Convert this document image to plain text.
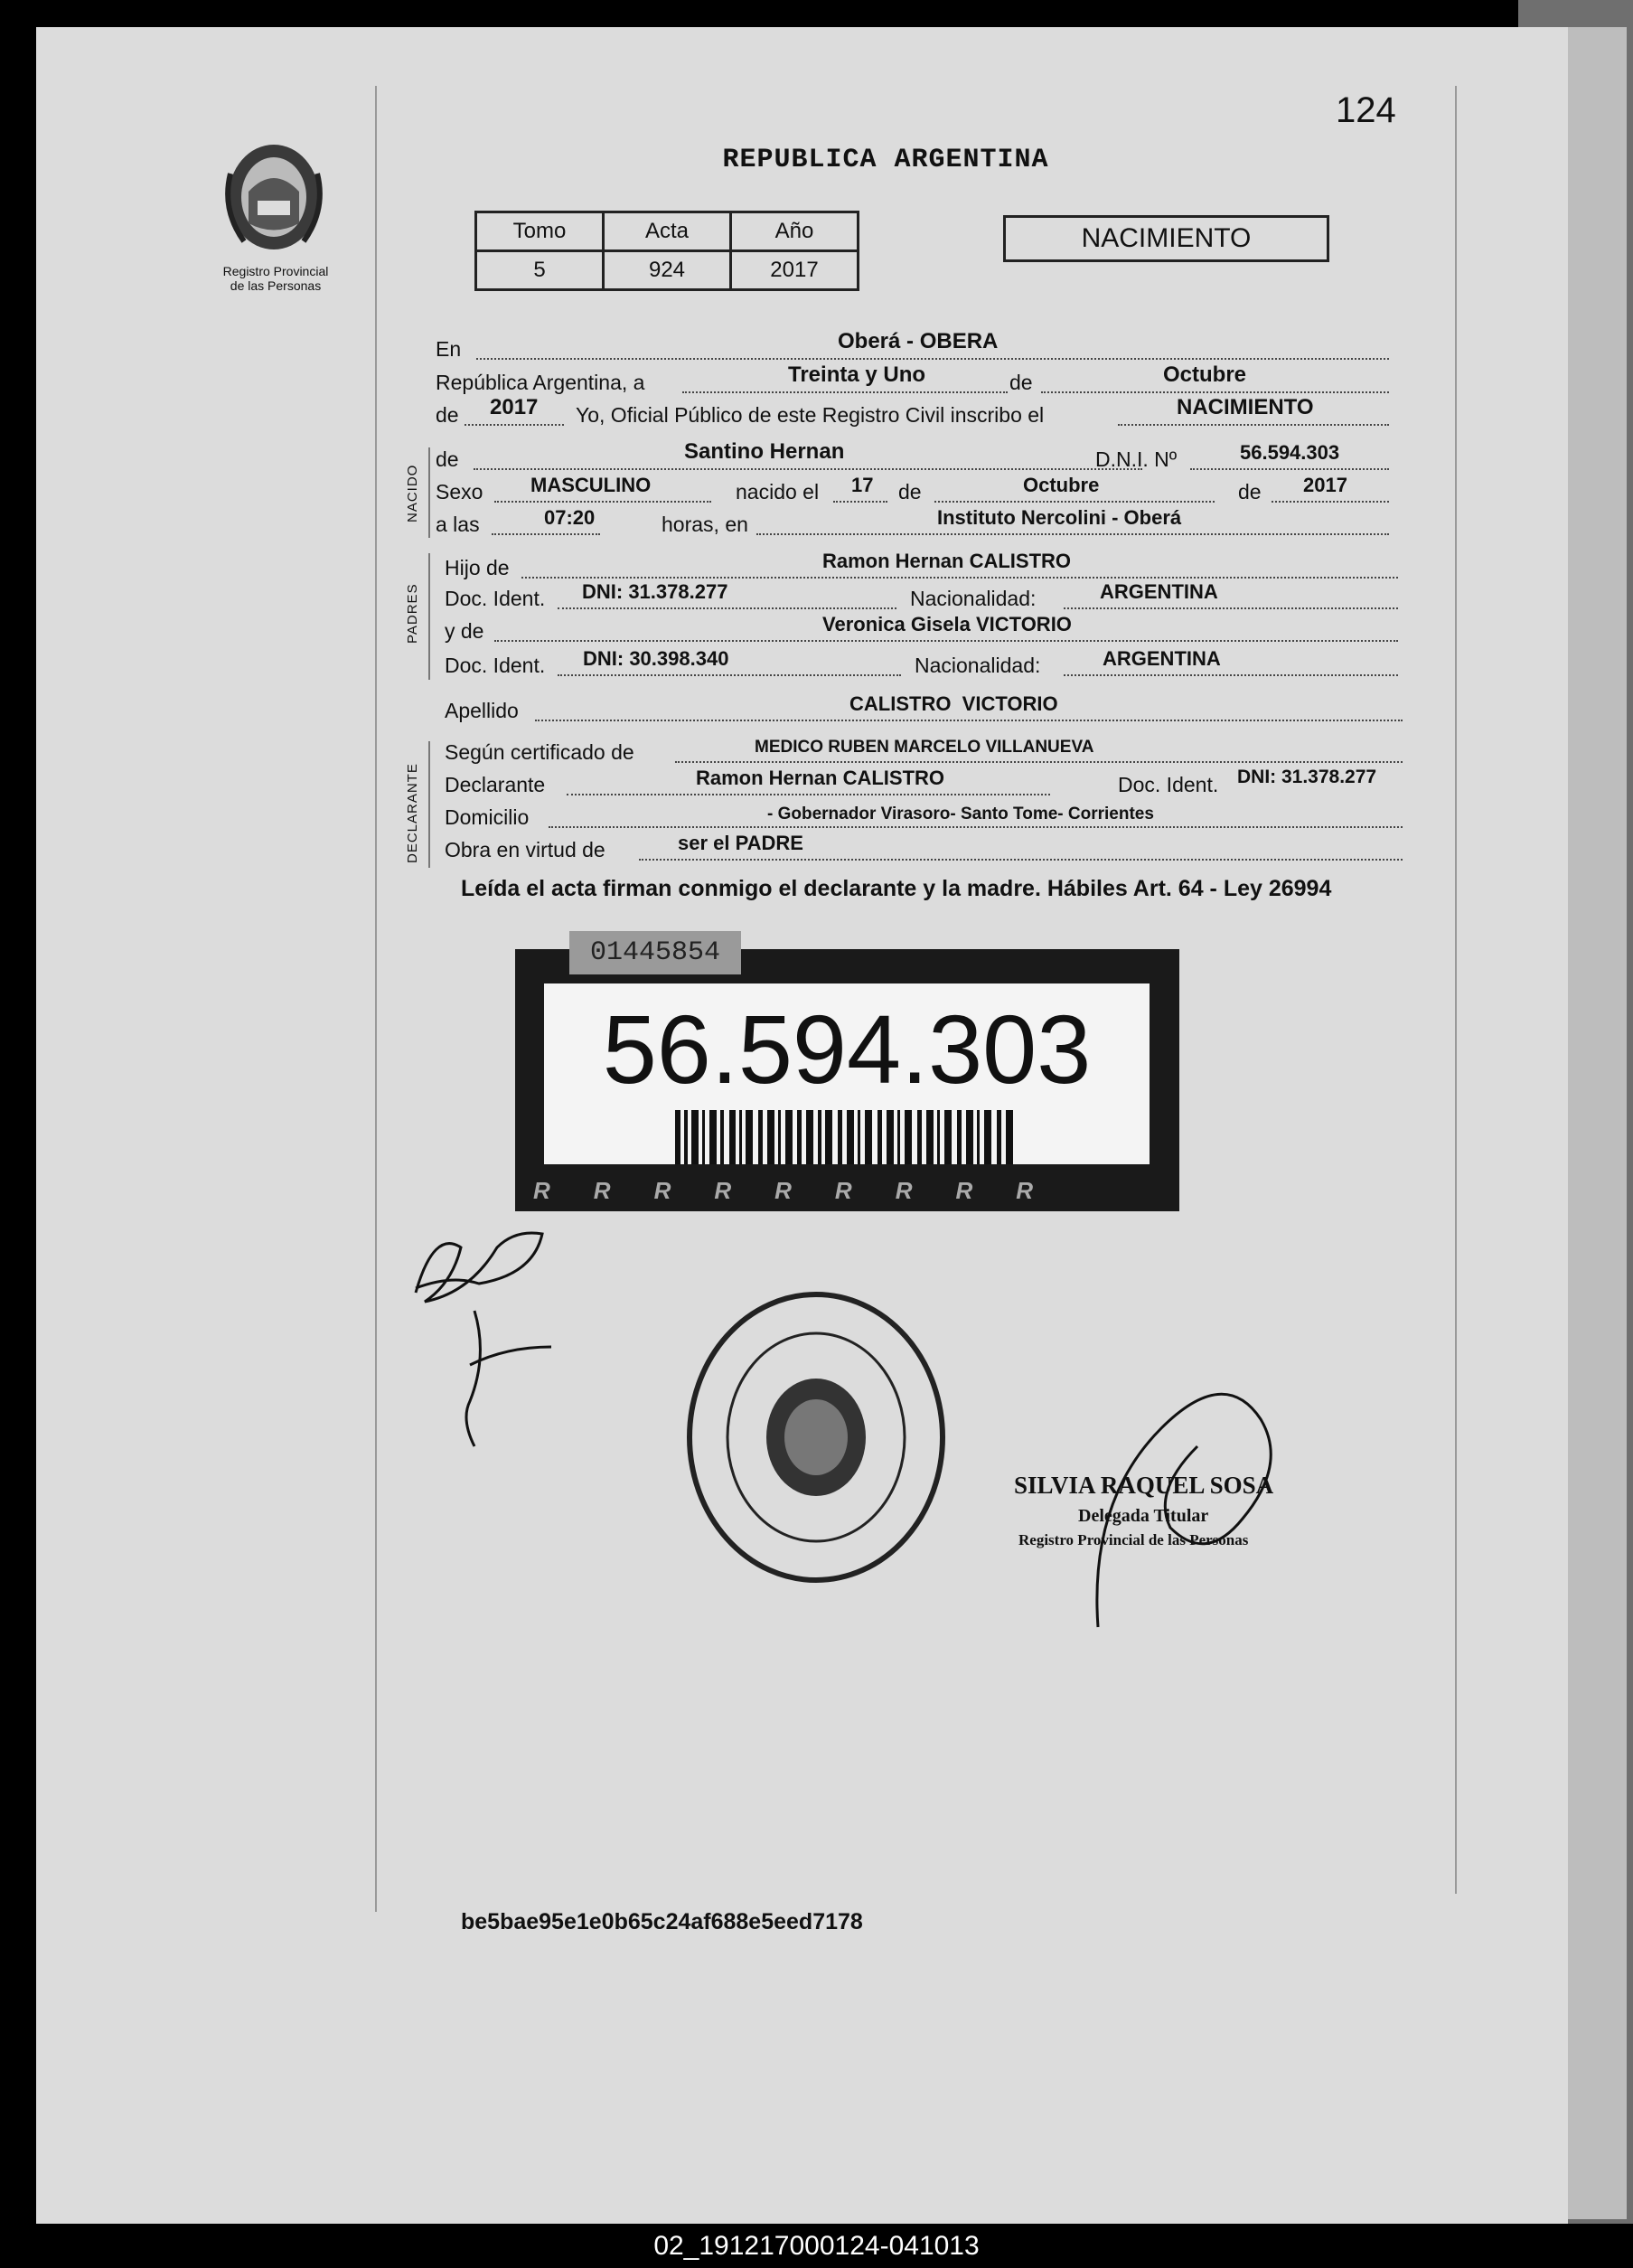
124
Registro Provincial
de las Personas
REPUBLICA ARGENTINA
Tomo	Acta	Año
5	924	2017
NACIMIENTO
En	Oberá - OBERA
República Argentina, a	Treinta y Uno	de	Octubre
de 2017 Yo, Oficial Público de este Registro Civil inscribo el	NACIMIENTO
NACIDO
de	Santino Hernan	D.N.I. Nº	56.594.303
Sexo MASCULINO	nacido el 17 de	Octubre	de 2017
a las	07:20	horas, en	Instituto Nercolini - Oberá
PADRES
Hijo de	Ramon Hernan CALISTRO
Doc. Ident. DNI: 31.378.277	Nacionalidad:	ARGENTINA
y de	Veronica Gisela VICTORIO
Doc. Ident. DNI: 30.398.340	Nacionalidad:	ARGENTINA
Apellido	CALISTRO  VICTORIO
DECLARANTE
Según certificado de	MEDICO RUBEN MARCELO VILLANUEVA
Declarante	Ramon Hernan CALISTRO	Doc. Ident. DNI: 31.378.277
Domicilio	- Gobernador Virasoro- Santo Tome- Corrientes
Obra en virtud de	ser el PADRE
Leída el acta firman conmigo el declarante y la madre. Hábiles Art. 64 - Ley 26994
56.594.303
RRRRRRRRR
01445854
SILVIA RAQUEL SOSA
Delegada Titular
Registro Provincial de las Personas
be5bae95e1e0b65c24af688e5eed7178
02_191217000124-041013
